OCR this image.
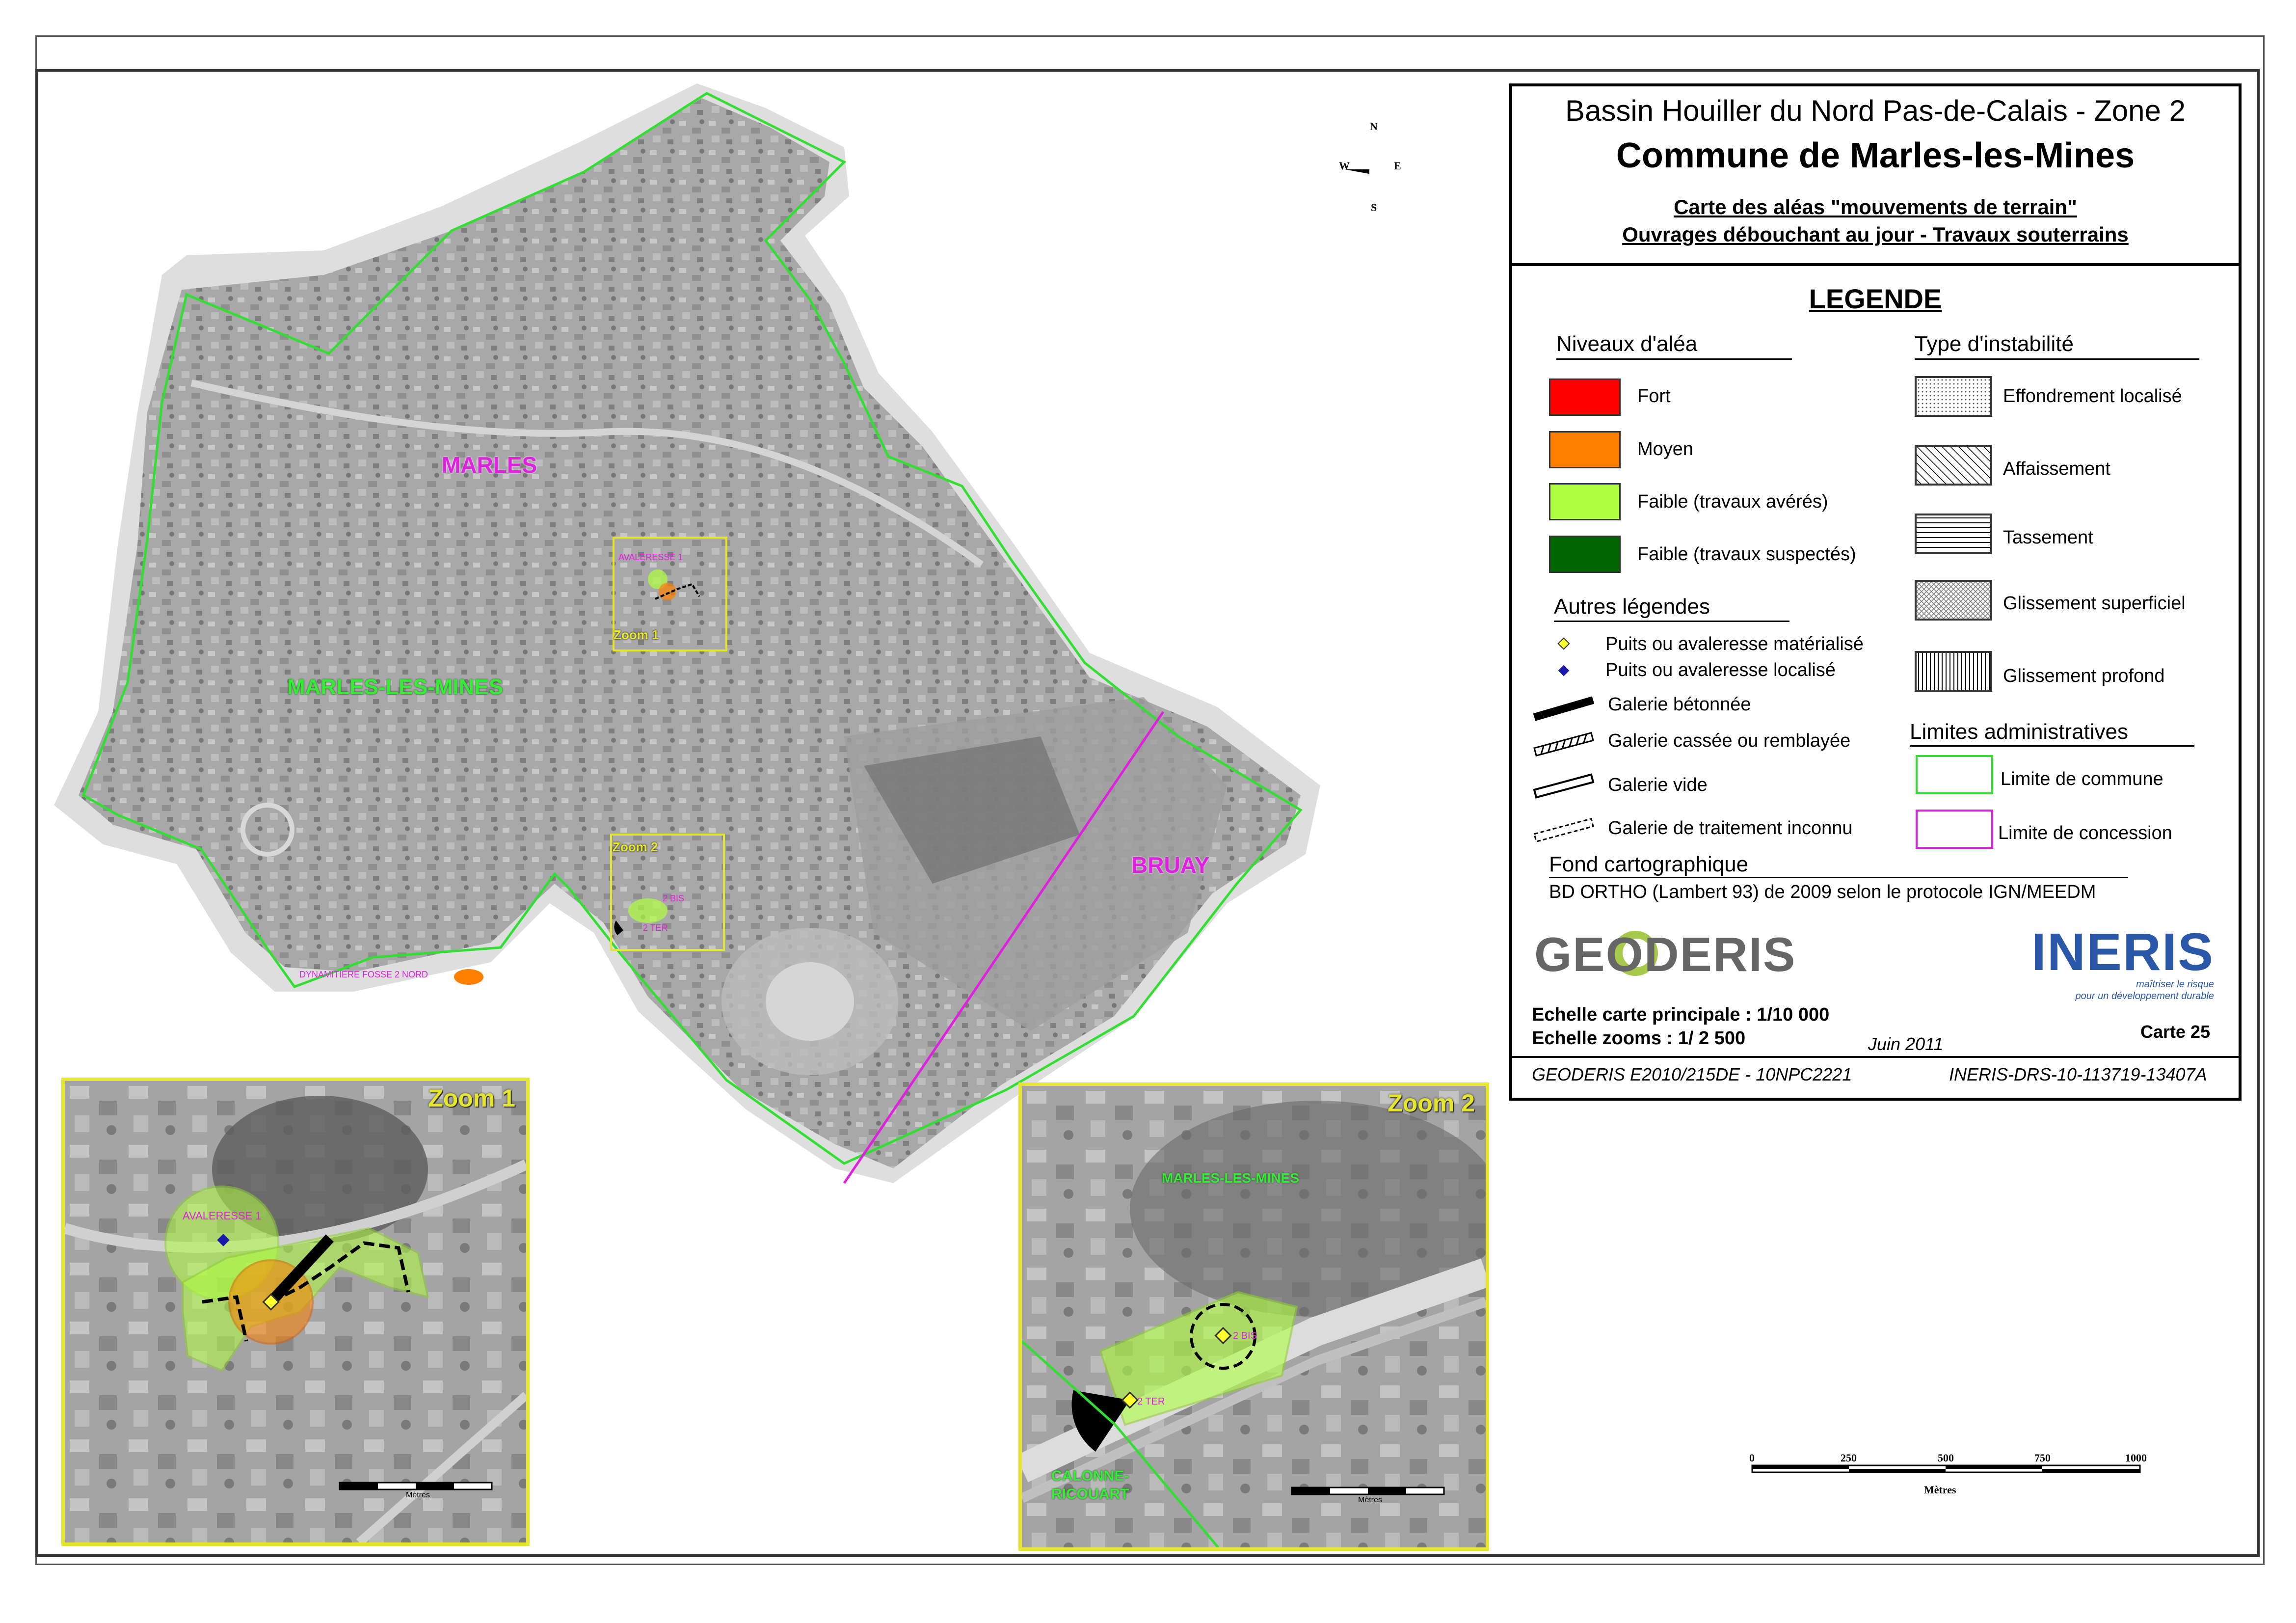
N
S
E
W
MARLES
MARLES-LES-MINES
BRUAY
AVALERESSE 1
Zoom 1
Zoom 2
2 BIS
2 TER
DYNAMITIERE FOSSE 2 NORD
Zoom 1
AVALERESSE 1
Mètres
Zoom 2
MARLES-LES-MINES
2 BIS
2 TER
CALONNE-
RICOUART	Mètres
0	250	500	750	1000
Mètres
Bassin Houiller du Nord Pas-de-Calais - Zone 2
Commune de Marles-les-Mines
Carte des aléas "mouvements de terrain"
Ouvrages débouchant au jour - Travaux souterrains
LEGENDE
Niveaux d'aléa
Fort
Moyen
Faible (travaux avérés)
Faible (travaux suspectés)
Type d'instabilité
Effondrement localisé
Affaissement
Tassement
Glissement superficiel
Glissement profond
Autres légendes
Puits ou avaleresse matérialisé
Puits ou avaleresse localisé
Galerie bétonnée
Galerie cassée ou remblayée
Galerie vide
Galerie de traitement inconnu
Limites administratives
Limite de commune
Limite de concession
Fond cartographique
BD ORTHO (Lambert 93) de 2009 selon le protocole IGN/MEEDM
GEODERIS	INERIS
maîtriser le risque
pour un développement durable
Echelle carte principale : 1/10 000
Echelle zooms : 1/ 2 500	Juin 2011
Carte 25
GEODERIS E2010/215DE - 10NPC2221	INERIS-DRS-10-113719-13407A
